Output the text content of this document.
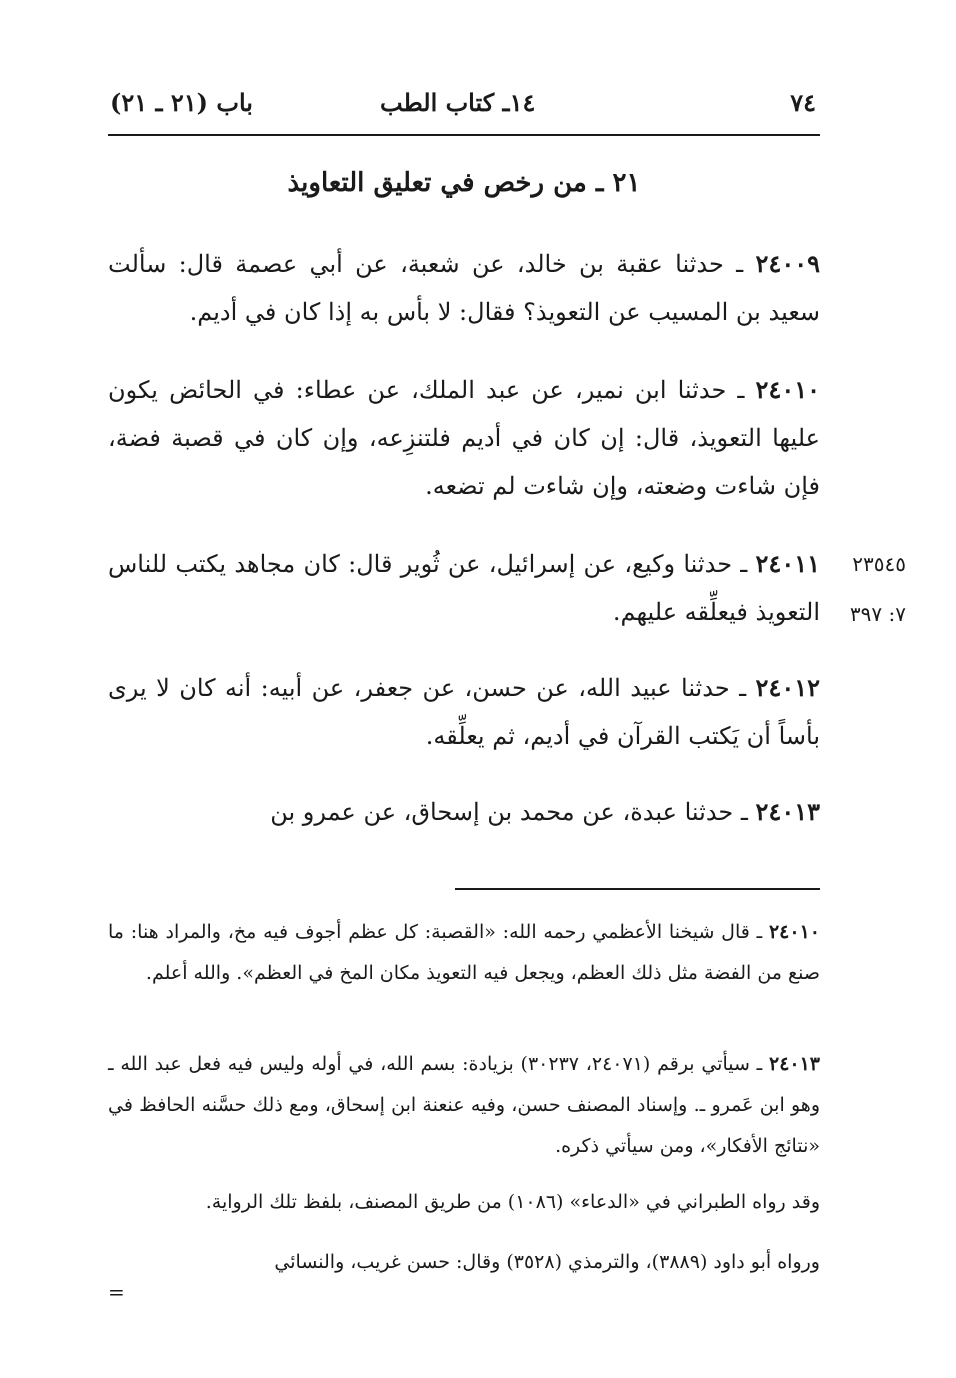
٧٤
١٤ـ كتاب الطب
باب (٢١ ـ ٢١)
٢١ ـ من رخص في تعليق التعاويذ
٢٤٠٠٩ ـ حدثنا عقبة بن خالد، عن شعبة، عن أبي عصمة قال: سألت سعيد بن المسيب عن التعويذ؟ فقال: لا بأس به إذا كان في أديم.
٢٤٠١٠ ـ حدثنا ابن نمير، عن عبد الملك، عن عطاء: في الحائض يكون عليها التعويذ، قال: إن كان في أديم فلتنزِعه، وإن كان في قصبة فضة، فإن شاءت وضعته، وإن شاءت لم تضعه.
٢٣٥٤٥
٧: ٣٩٧
٢٤٠١١ ـ حدثنا وكيع، عن إسرائيل، عن ثُوير قال: كان مجاهد يكتب للناس التعويذ فيعلِّقه عليهم.
٢٤٠١٢ ـ حدثنا عبيد الله، عن حسن، عن جعفر، عن أبيه: أنه كان لا يرى بأساً أن يَكتب القرآن في أديم، ثم يعلِّقه.
٢٤٠١٣ ـ حدثنا عبدة، عن محمد بن إسحاق، عن عمرو بن
٢٤٠١٠ ـ قال شيخنا الأعظمي رحمه الله: «القصبة: كل عظم أجوف فيه مخ، والمراد هنا: ما صنع من الفضة مثل ذلك العظم، ويجعل فيه التعويذ مكان المخ في العظم». والله أعلم.
٢٤٠١٣ ـ سيأتي برقم (٢٤٠٧١، ٣٠٢٣٧) بزيادة: بسم الله، في أوله وليس فيه فعل عبد الله ـ وهو ابن عَمرو ـ. وإسناد المصنف حسن، وفيه عنعنة ابن إسحاق، ومع ذلك حسَّنه الحافظ في «نتائج الأفكار»، ومن سيأتي ذكره.
وقد رواه الطبراني في «الدعاء» (١٠٨٦) من طريق المصنف، بلفظ تلك الرواية.
ورواه أبو داود (٣٨٨٩)، والترمذي (٣٥٢٨) وقال: حسن غريب، والنسائي
=
